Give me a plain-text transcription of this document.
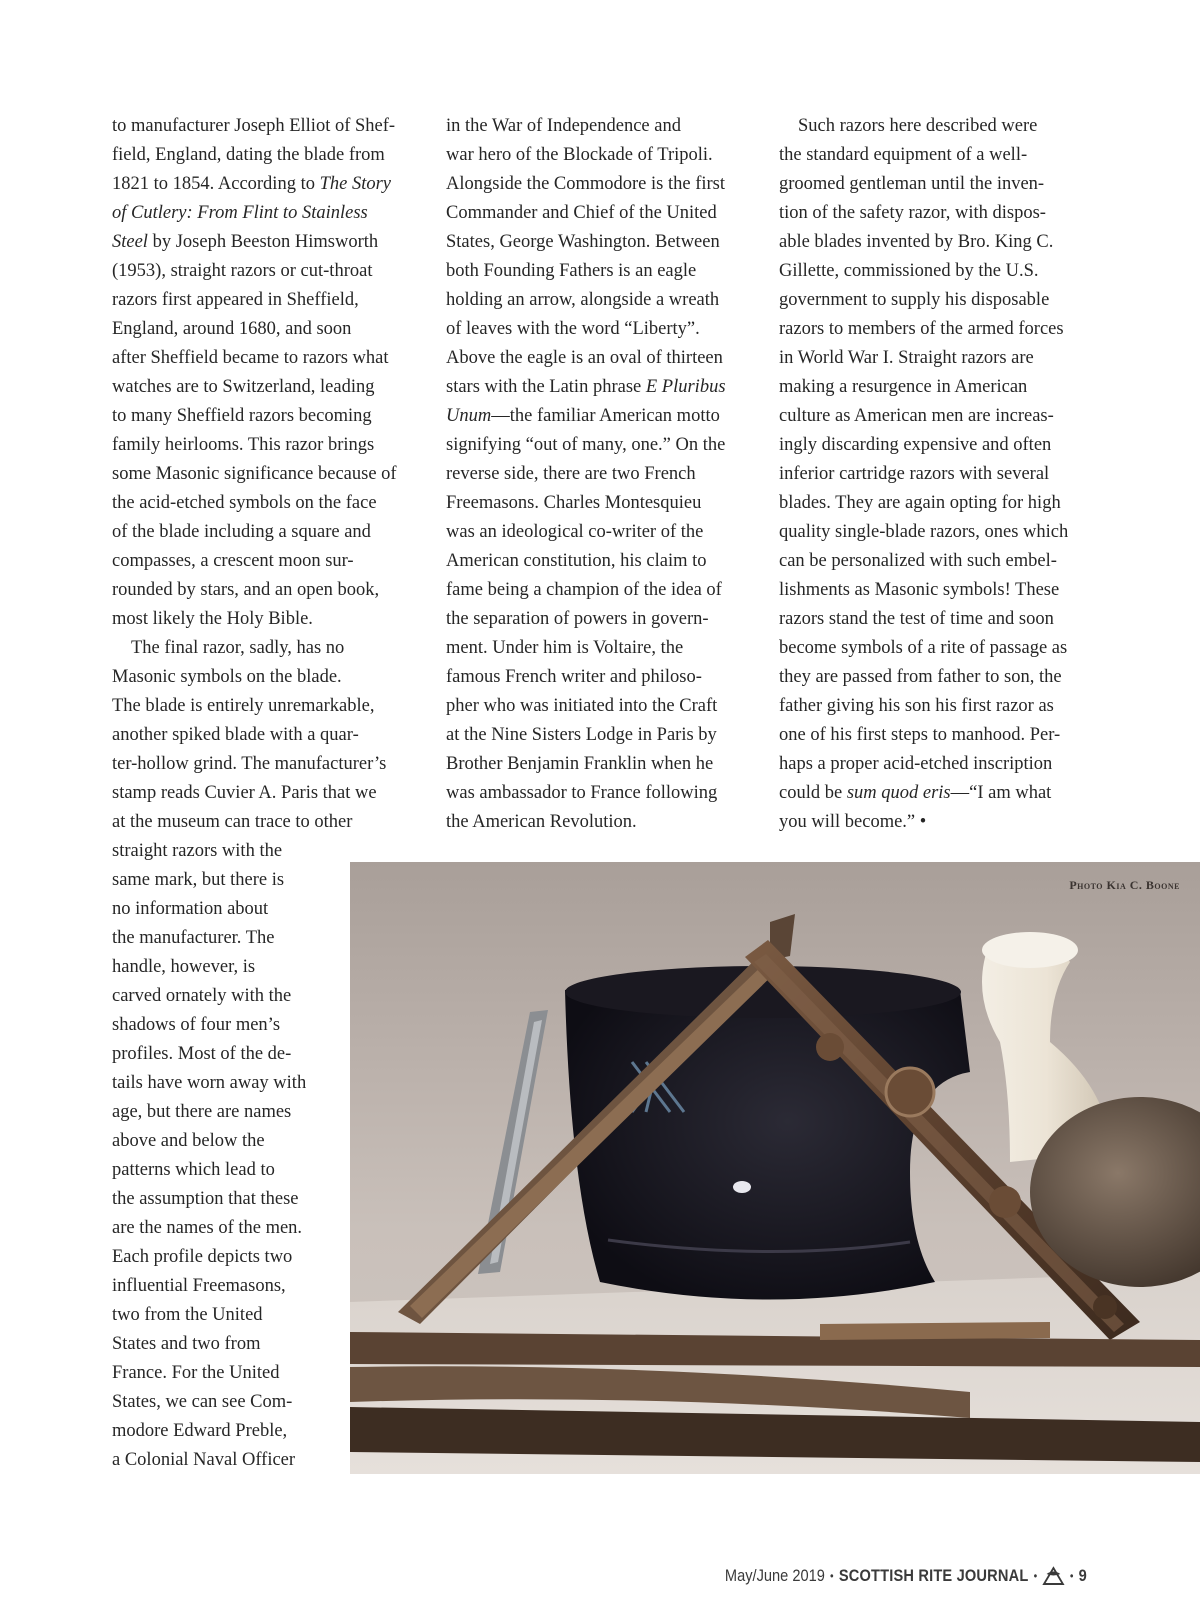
to manufacturer Joseph Elliot of Shef-
field, England, dating the blade from
1821 to 1854. According to The Story
of Cutlery: From Flint to Stainless
Steel by Joseph Beeston Himsworth
(1953), straight razors or cut-throat
razors first appeared in Sheffield,
England, around 1680, and soon
after Sheffield became to razors what
watches are to Switzerland, leading
to many Sheffield razors becoming
family heirlooms. This razor brings
some Masonic significance because of
the acid-etched symbols on the face
of the blade including a square and
compasses, a crescent moon sur-
rounded by stars, and an open book,
most likely the Holy Bible.
The final razor, sadly, has no
Masonic symbols on the blade.
The blade is entirely unremarkable,
another spiked blade with a quar-
ter-hollow grind. The manufacturer’s
stamp reads Cuvier A. Paris that we
at the museum can trace to other
straight razors with the
same mark, but there is
no information about
the manufacturer. The
handle, however, is
carved ornately with the
shadows of four men’s
profiles. Most of the de-
tails have worn away with
age, but there are names
above and below the
patterns which lead to
the assumption that these
are the names of the men.
Each profile depicts two
influential Freemasons,
two from the United
States and two from
France. For the United
States, we can see Com-
modore Edward Preble,
a Colonial Naval Officer
in the War of Independence and
war hero of the Blockade of Tripoli.
Alongside the Commodore is the first
Commander and Chief of the United
States, George Washington. Between
both Founding Fathers is an eagle
holding an arrow, alongside a wreath
of leaves with the word “Liberty”.
Above the eagle is an oval of thirteen
stars with the Latin phrase E Pluribus
Unum—the familiar American motto
signifying “out of many, one.” On the
reverse side, there are two French
Freemasons. Charles Montesquieu
was an ideological co-writer of the
American constitution, his claim to
fame being a champion of the idea of
the separation of powers in govern-
ment. Under him is Voltaire, the
famous French writer and philoso-
pher who was initiated into the Craft
at the Nine Sisters Lodge in Paris by
Brother Benjamin Franklin when he
was ambassador to France following
the American Revolution.
Such razors here described were
the standard equipment of a well-
groomed gentleman until the inven-
tion of the safety razor, with dispos-
able blades invented by Bro. King C.
Gillette, commissioned by the U.S.
government to supply his disposable
razors to members of the armed forces
in World War I. Straight razors are
making a resurgence in American
culture as American men are increas-
ingly discarding expensive and often
inferior cartridge razors with several
blades. They are again opting for high
quality single-blade razors, ones which
can be personalized with such embel-
lishments as Masonic symbols! These
razors stand the test of time and soon
become symbols of a rite of passage as
they are passed from father to son, the
father giving his son his first razor as
one of his first steps to manhood. Per-
haps a proper acid-etched inscription
could be sum quod eris—“I am what
you will become.” •
Photo Kia C. Boone
May/June 2019 • SCOTTISH RITE JOURNAL •	• 9
